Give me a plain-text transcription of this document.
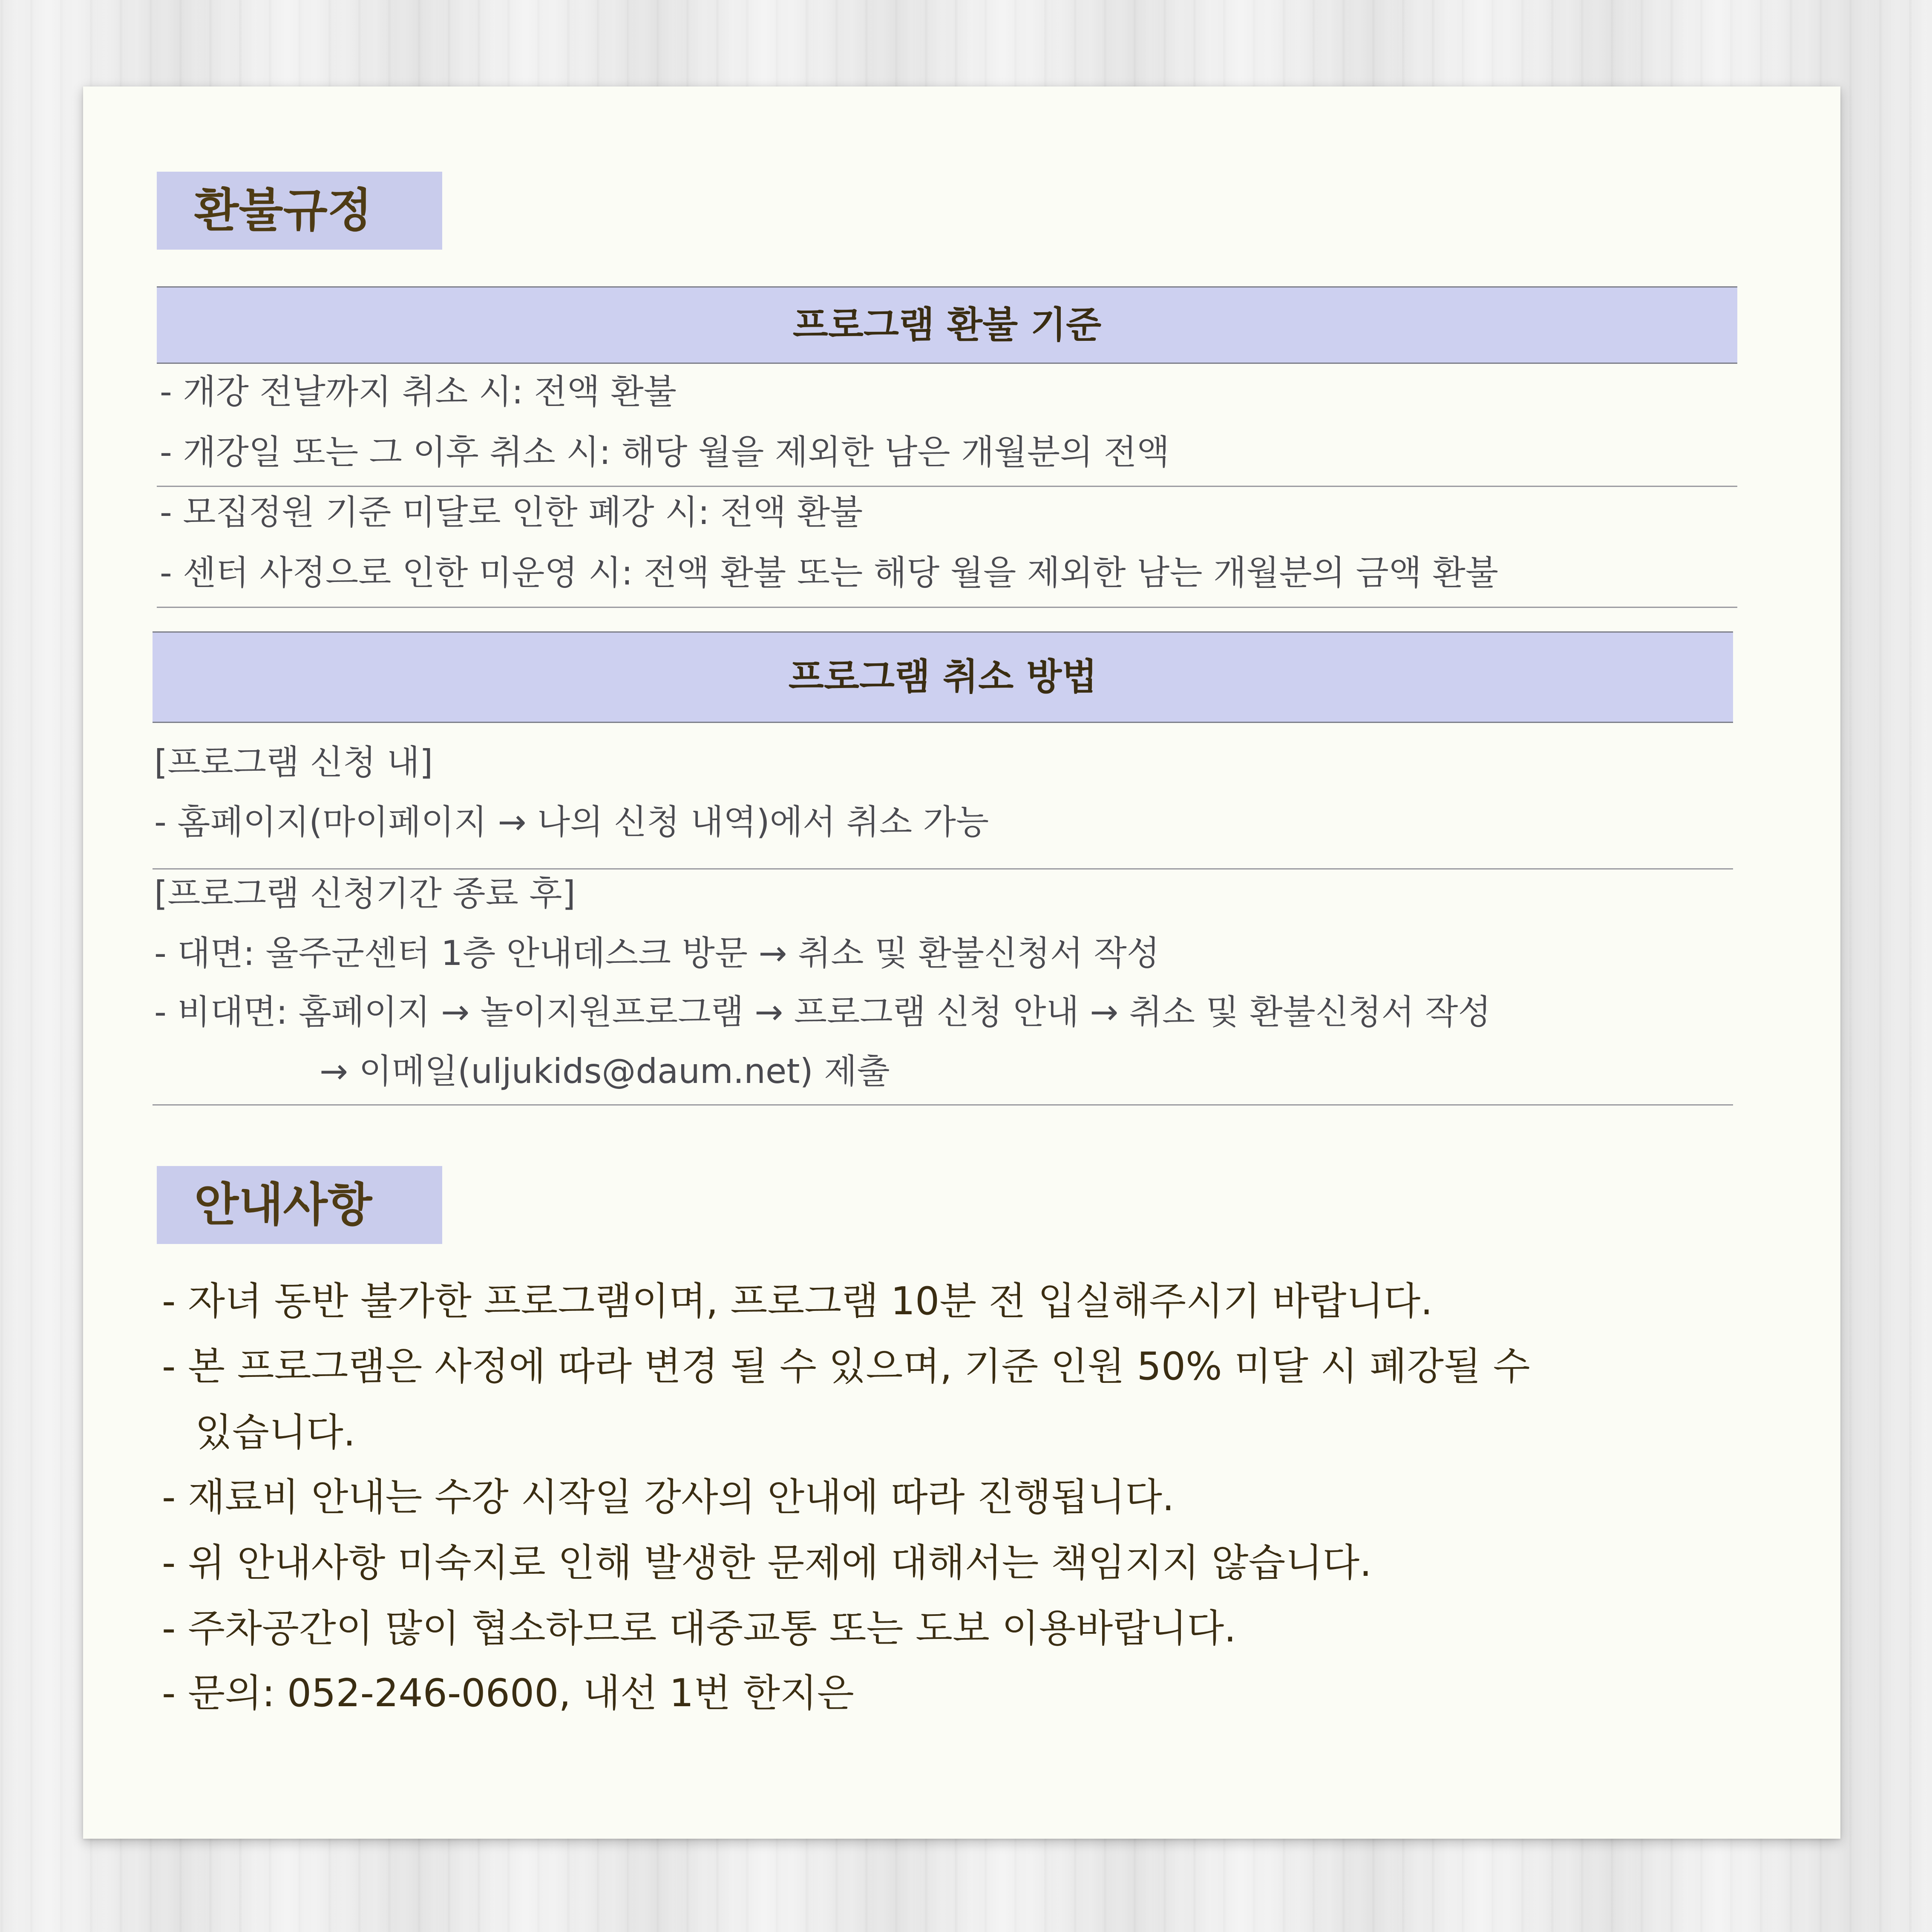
환불규정
프로그램 환불 기준
- 개강 전날까지 취소 시: 전액 환불
- 개강일 또는 그 이후 취소 시: 해당 월을 제외한 남은 개월분의 전액
- 모집정원 기준 미달로 인한 폐강 시: 전액 환불
- 센터 사정으로 인한 미운영 시: 전액 환불 또는 해당 월을 제외한 남는 개월분의 금액 환불
프로그램 취소 방법
[프로그램 신청 내]
- 홈페이지(마이페이지 → 나의 신청 내역)에서 취소 가능
[프로그램 신청기간 종료 후]
- 대면: 울주군센터 1층 안내데스크 방문 → 취소 및 환불신청서 작성
- 비대면: 홈페이지 → 놀이지원프로그램 → 프로그램 신청 안내 → 취소 및 환불신청서 작성
→ 이메일(uljukids@daum.net) 제출
안내사항
- 자녀 동반 불가한 프로그램이며, 프로그램 10분 전 입실해주시기 바랍니다.
- 본 프로그램은 사정에 따라 변경 될 수 있으며, 기준 인원 50% 미달 시 폐강될 수
있습니다.
- 재료비 안내는 수강 시작일 강사의 안내에 따라 진행됩니다.
- 위 안내사항 미숙지로 인해 발생한 문제에 대해서는 책임지지 않습니다.
- 주차공간이 많이 협소하므로 대중교통 또는 도보 이용바랍니다.
- 문의: 052-246-0600, 내선 1번 한지은
